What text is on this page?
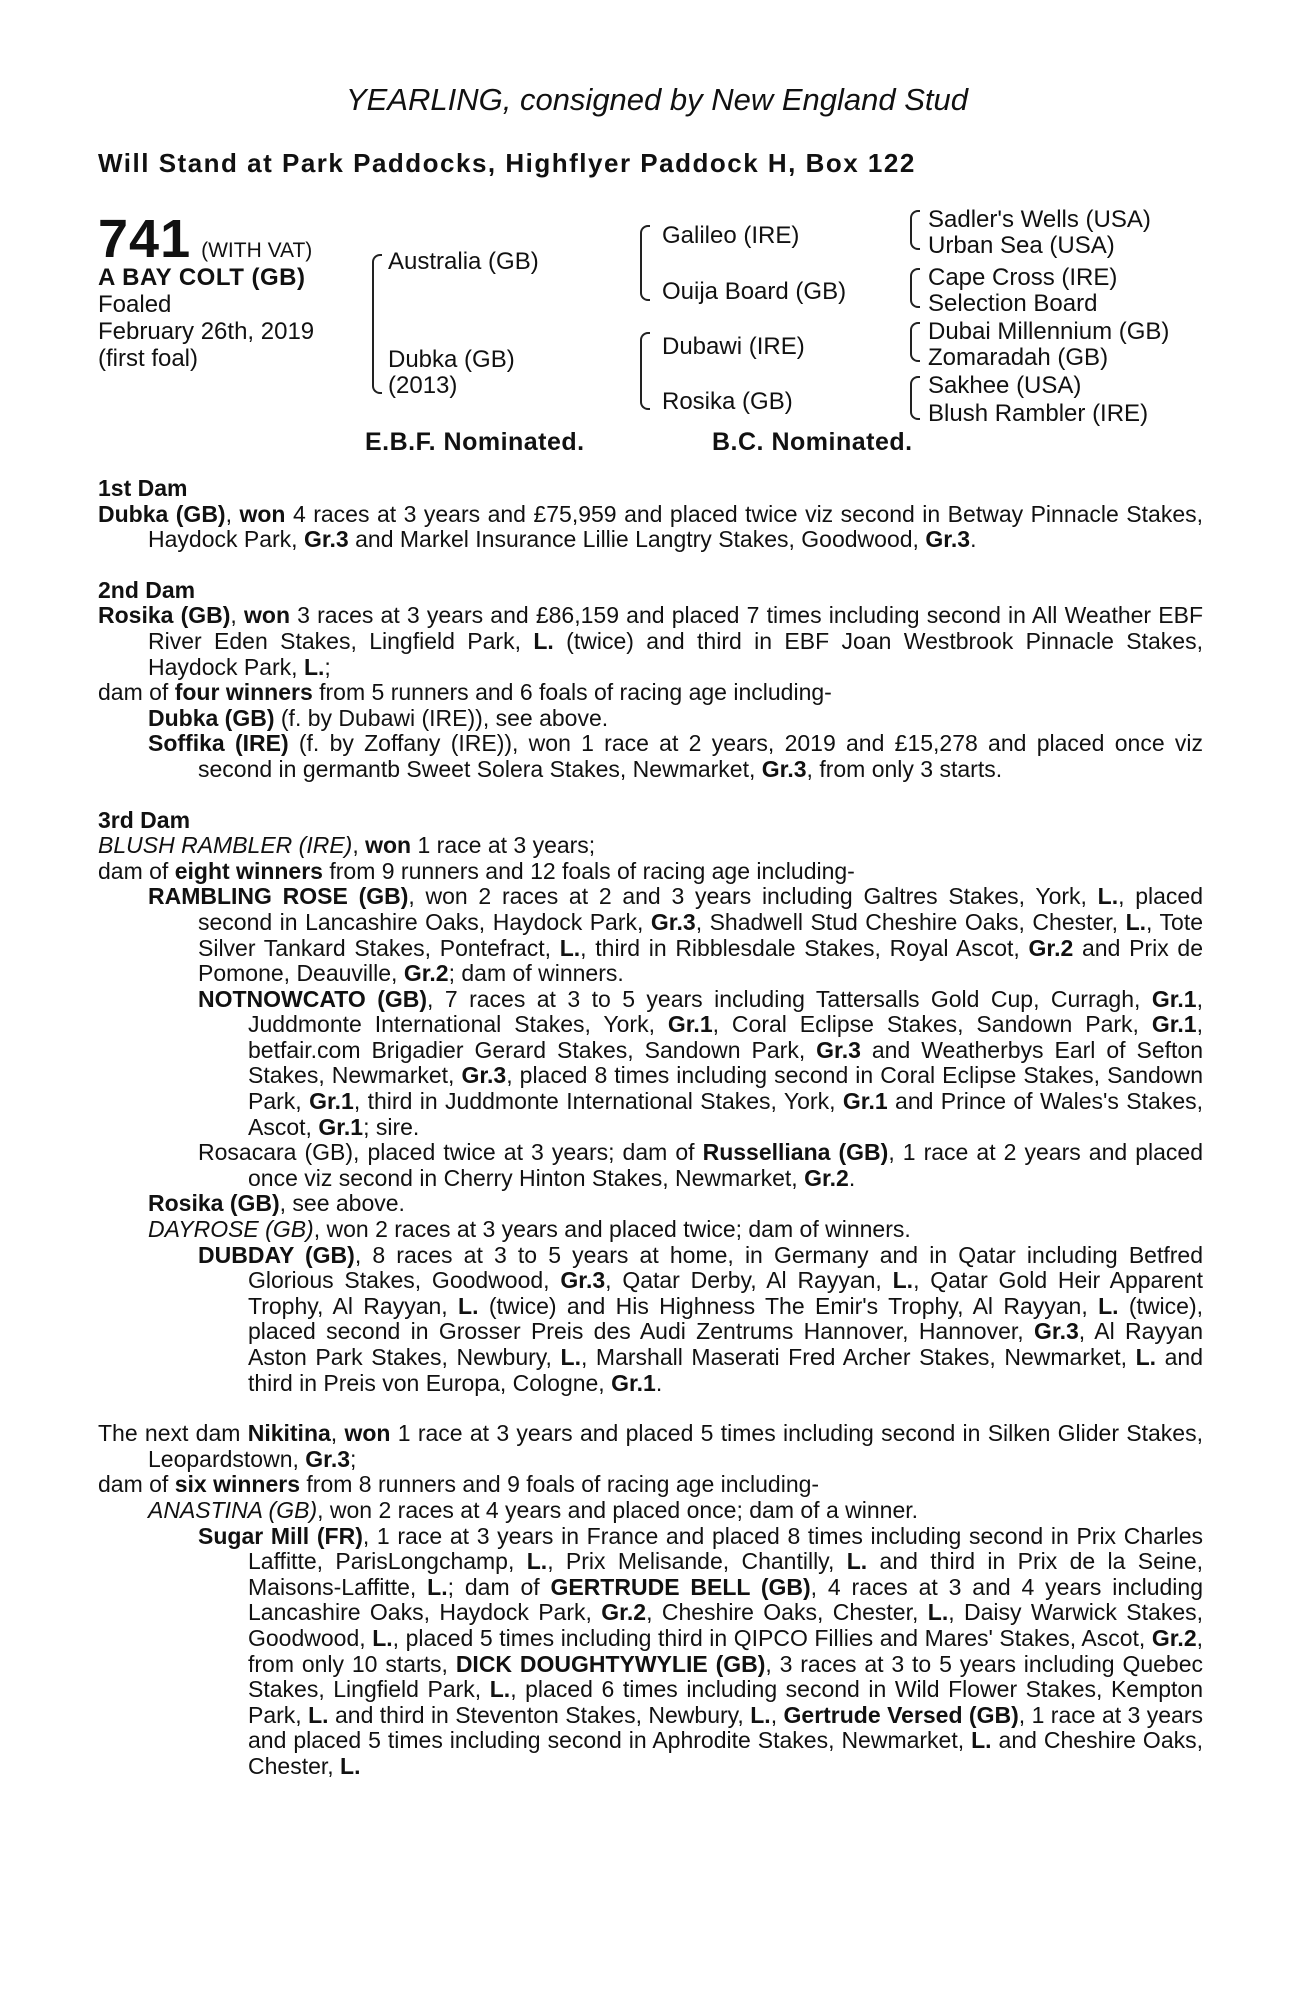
YEARLING, consigned by New England Stud
Will Stand at Park Paddocks, Highflyer Paddock H, Box 122
741 (WITH VAT)
A BAY COLT (GB)
Foaled
February 26th, 2019
(first foal)
Australia (GB)
Dubka (GB)
(2013)
Galileo (IRE)
Ouija Board (GB)
Dubawi (IRE)
Rosika (GB)
Sadler's Wells (USA)
Urban Sea (USA)
Cape Cross (IRE)
Selection Board
Dubai Millennium (GB)
Zomaradah (GB)
Sakhee (USA)
Blush Rambler (IRE)
E.B.F. Nominated.	B.C. Nominated.
1st Dam

Dubka (GB), won 4 races at 3 years and £75,959 and placed twice viz second in Betway Pinnacle Stakes, Haydock Park, Gr.3 and Markel Insurance Lillie Langtry Stakes, Goodwood, Gr.3.

2nd Dam

Rosika (GB), won 3 races at 3 years and £86,159 and placed 7 times including second in All Weather EBF River Eden Stakes, Lingfield Park, L. (twice) and third in EBF Joan Westbrook Pinnacle Stakes, Haydock Park, L.;

dam of four winners from 5 runners and 6 foals of racing age including-

Dubka (GB) (f. by Dubawi (IRE)), see above.

Soffika (IRE) (f. by Zoffany (IRE)), won 1 race at 2 years, 2019 and £15,278 and placed once viz second in germantb Sweet Solera Stakes, Newmarket, Gr.3, from only 3 starts.

3rd Dam

BLUSH RAMBLER (IRE), won 1 race at 3 years;

dam of eight winners from 9 runners and 12 foals of racing age including-

RAMBLING ROSE (GB), won 2 races at 2 and 3 years including Galtres Stakes, York, L., placed second in Lancashire Oaks, Haydock Park, Gr.3, Shadwell Stud Cheshire Oaks, Chester, L., Tote Silver Tankard Stakes, Pontefract, L., third in Ribblesdale Stakes, Royal Ascot, Gr.2 and Prix de Pomone, Deauville, Gr.2; dam of winners.

NOTNOWCATO (GB), 7 races at 3 to 5 years including Tattersalls Gold Cup, Curragh, Gr.1, Juddmonte International Stakes, York, Gr.1, Coral Eclipse Stakes, Sandown Park, Gr.1, betfair.com Brigadier Gerard Stakes, Sandown Park, Gr.3 and Weatherbys Earl of Sefton Stakes, Newmarket, Gr.3, placed 8 times including second in Coral Eclipse Stakes, Sandown Park, Gr.1, third in Juddmonte International Stakes, York, Gr.1 and Prince of Wales's Stakes, Ascot, Gr.1; sire.

Rosacara (GB), placed twice at 3 years; dam of Russelliana (GB), 1 race at 2 years and placed once viz second in Cherry Hinton Stakes, Newmarket, Gr.2.

Rosika (GB), see above.

DAYROSE (GB), won 2 races at 3 years and placed twice; dam of winners.

DUBDAY (GB), 8 races at 3 to 5 years at home, in Germany and in Qatar including Betfred Glorious Stakes, Goodwood, Gr.3, Qatar Derby, Al Rayyan, L., Qatar Gold Heir Apparent Trophy, Al Rayyan, L. (twice) and His Highness The Emir's Trophy, Al Rayyan, L. (twice), placed second in Grosser Preis des Audi Zentrums Hannover, Hannover, Gr.3, Al Rayyan Aston Park Stakes, Newbury, L., Marshall Maserati Fred Archer Stakes, Newmarket, L. and third in Preis von Europa, Cologne, Gr.1.

The next dam Nikitina, won 1 race at 3 years and placed 5 times including second in Silken Glider Stakes, Leopardstown, Gr.3;

dam of six winners from 8 runners and 9 foals of racing age including-

ANASTINA (GB), won 2 races at 4 years and placed once; dam of a winner.

Sugar Mill (FR), 1 race at 3 years in France and placed 8 times including second in Prix Charles Laffitte, ParisLongchamp, L., Prix Melisande, Chantilly, L. and third in Prix de la Seine, Maisons-Laffitte, L.; dam of GERTRUDE BELL (GB), 4 races at 3 and 4 years including Lancashire Oaks, Haydock Park, Gr.2, Cheshire Oaks, Chester, L., Daisy Warwick Stakes, Goodwood, L., placed 5 times including third in QIPCO Fillies and Mares' Stakes, Ascot, Gr.2, from only 10 starts, DICK DOUGHTYWYLIE (GB), 3 races at 3 to 5 years including Quebec Stakes, Lingfield Park, L., placed 6 times including second in Wild Flower Stakes, Kempton Park, L. and third in Steventon Stakes, Newbury, L., Gertrude Versed (GB), 1 race at 3 years and placed 5 times including second in Aphrodite Stakes, Newmarket, L. and Cheshire Oaks, Chester, L.
